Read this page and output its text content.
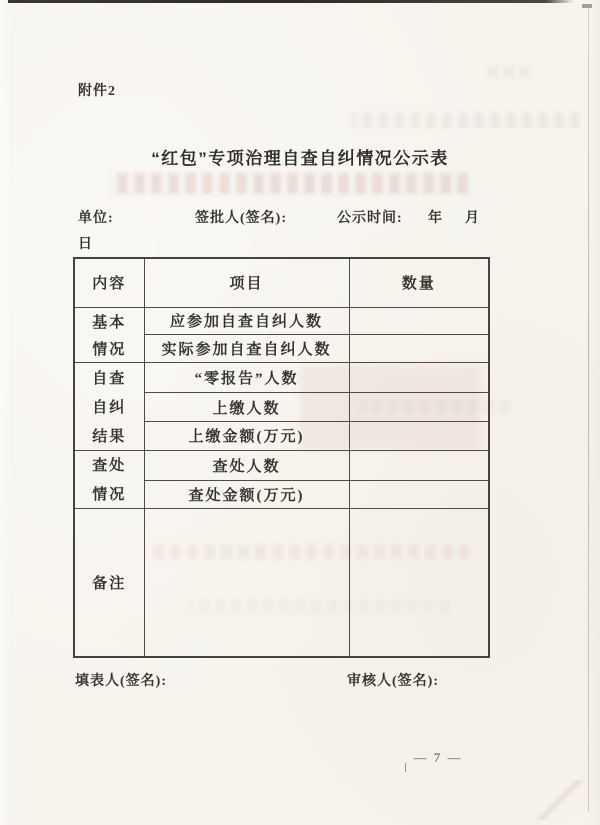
附件2
“红包”专项治理自查自纠情况公示表
单位:	签批人(签名):	公示时间: 年 月
日
内容	项目	数量

基本
情况	应参加自查自纠人数	
	实际参加自查自纠人数	

自查
自纠
结果	“零报告”人数	
	上缴人数	
	上缴金额(万元)	

查处
情况	查处人数	
	查处金额(万元)	
备注		
填表人(签名):	审核人(签名):
— 7 —
